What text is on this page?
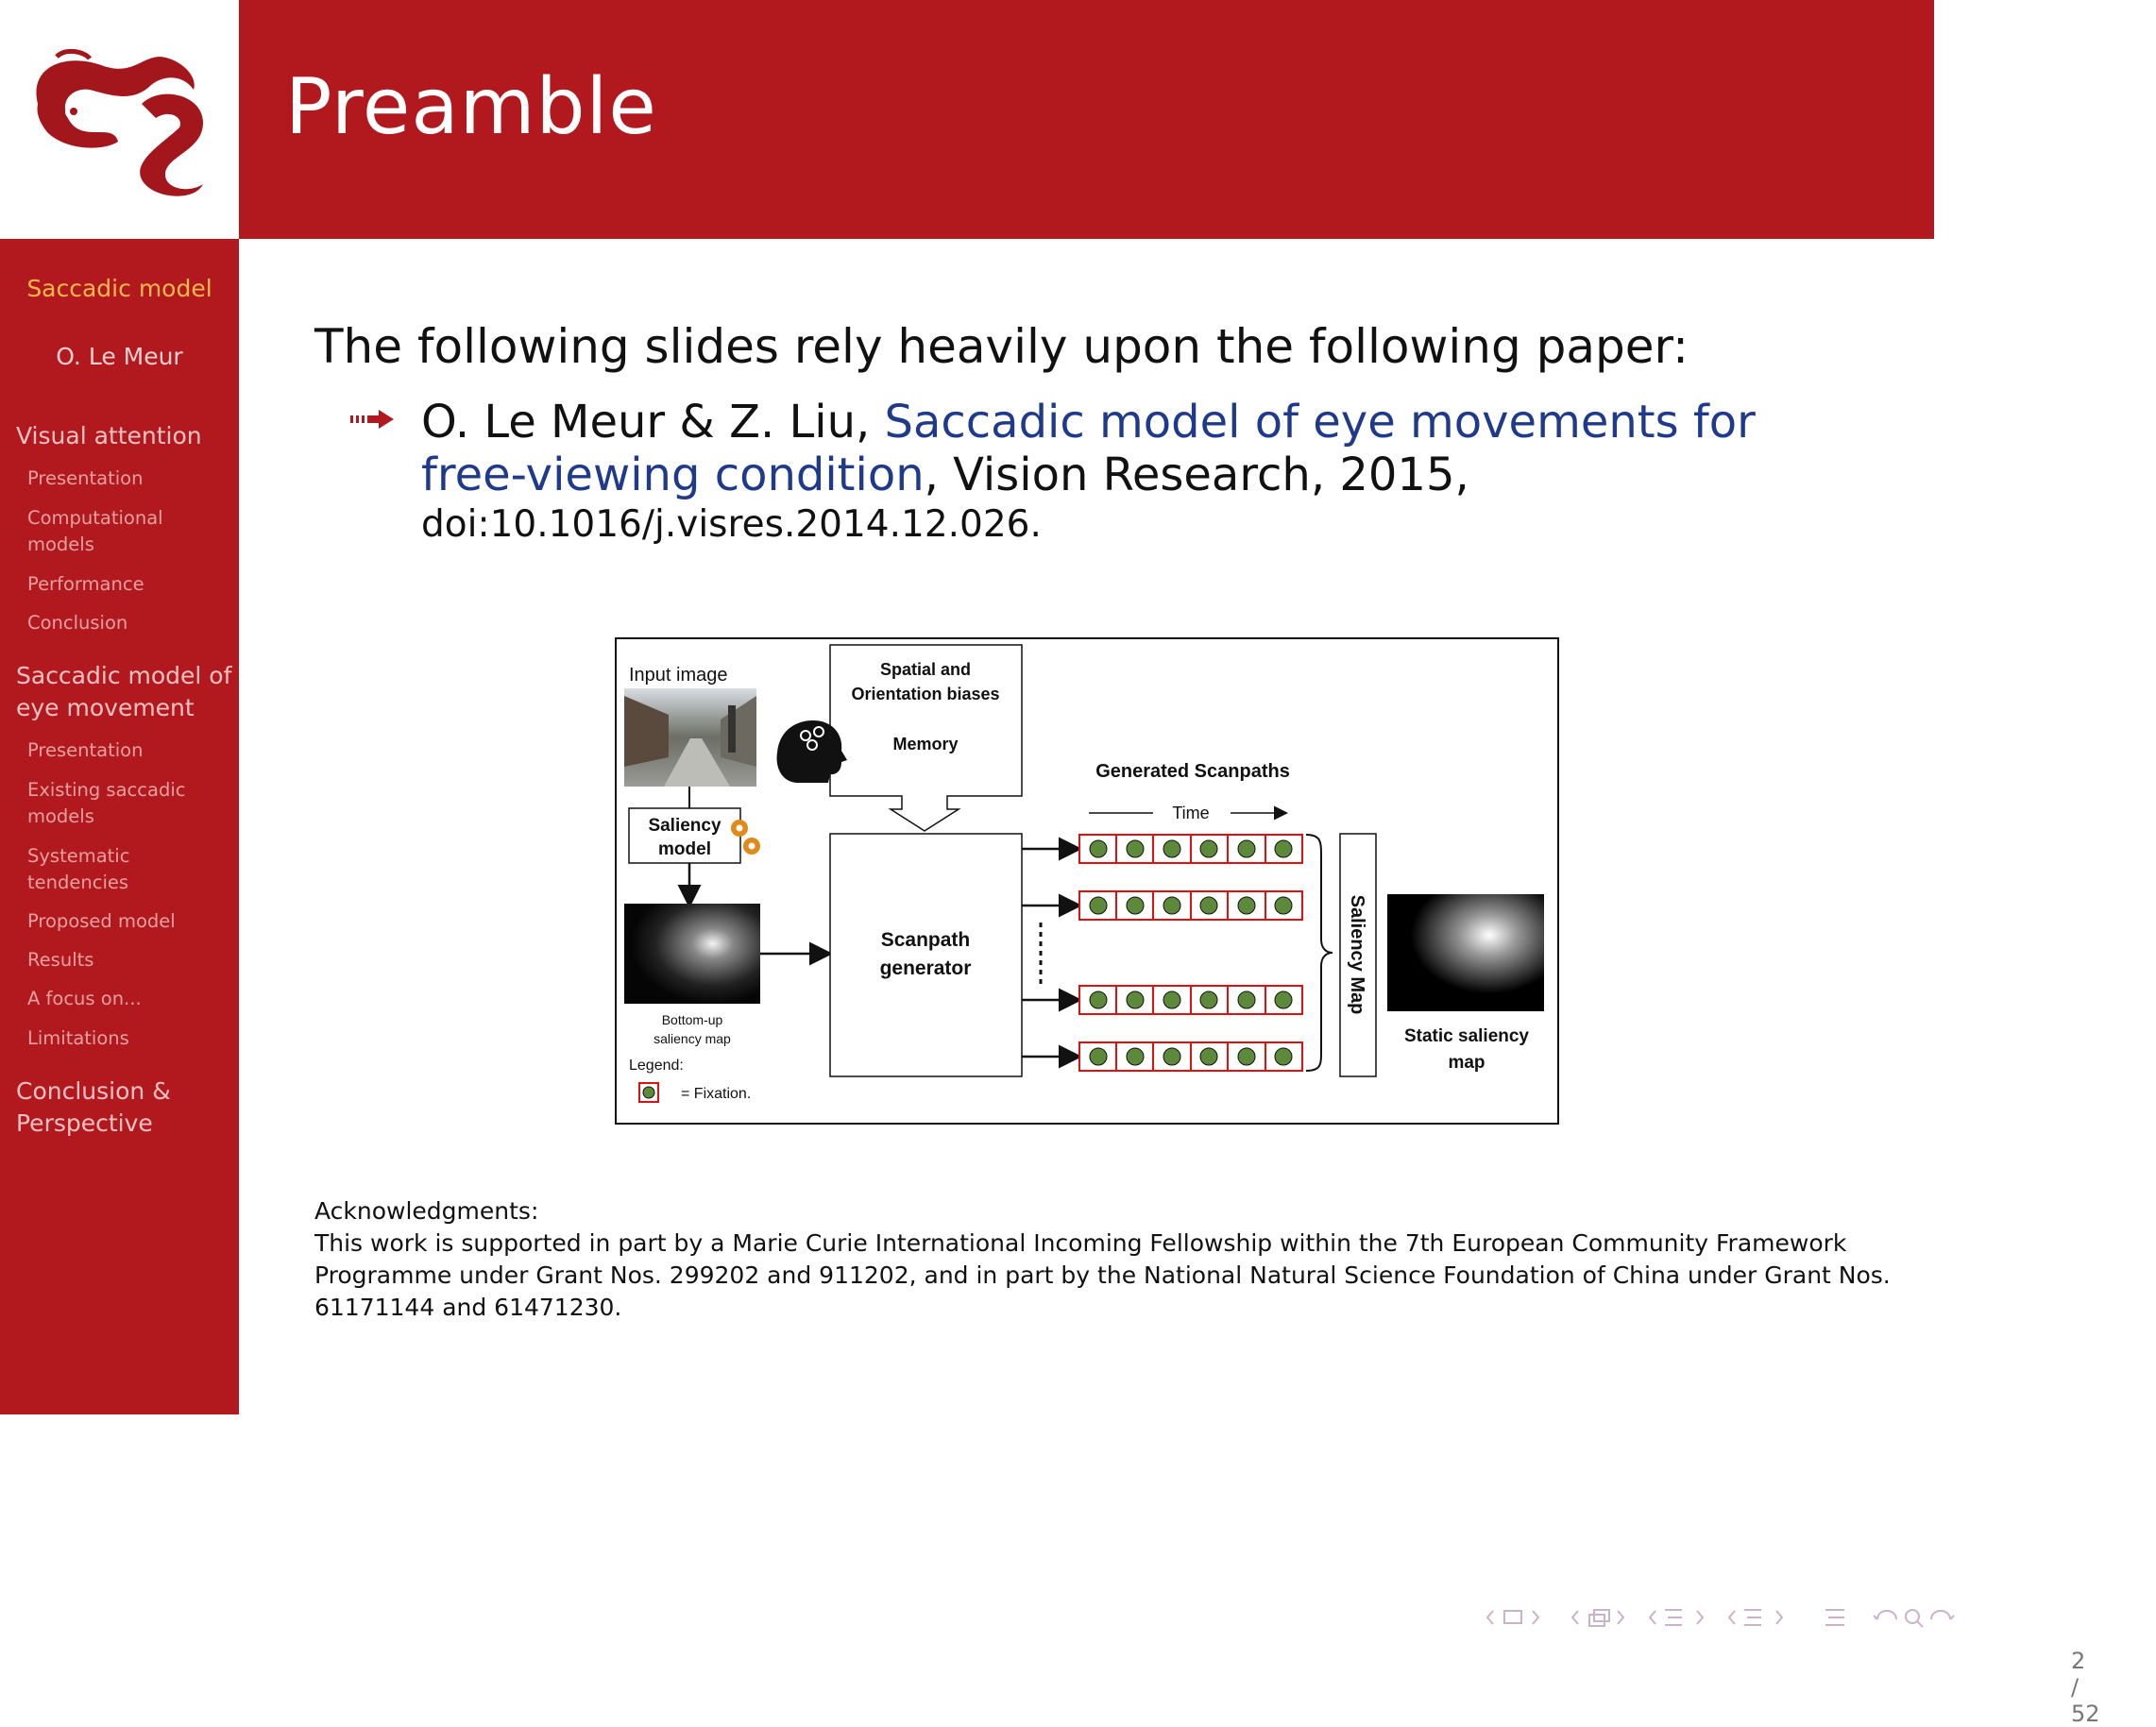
Preamble
Saccadic model
O. Le Meur
Visual attention
Presentation
Computational models
Performance
Conclusion
Saccadic model of eye movement
Presentation
Existing saccadic models
Systematic tendencies
Proposed model
Results
A focus on...
Limitations
Conclusion & Perspective
The following slides rely heavily upon the following paper:
O. Le Meur & Z. Liu, Saccadic model of eye movements for
free-viewing condition, Vision Research, 2015,
doi:10.1016/j.visres.2014.12.026.
Input image
Saliency
model
Bottom-up
saliency map
Legend:
= Fixation.
Spatial and
Orientation biases
Memory
Scanpath
generator
Generated Scanpaths
Time
Saliency Map
Static saliency
map
Acknowledgments:
This work is supported in part by a Marie Curie International Incoming Fellowship within the 7th European Community Framework Programme under Grant Nos. 299202 and 911202, and in part by the National Natural Science Foundation of China under Grant Nos. 61171144 and 61471230.
2 / 52
